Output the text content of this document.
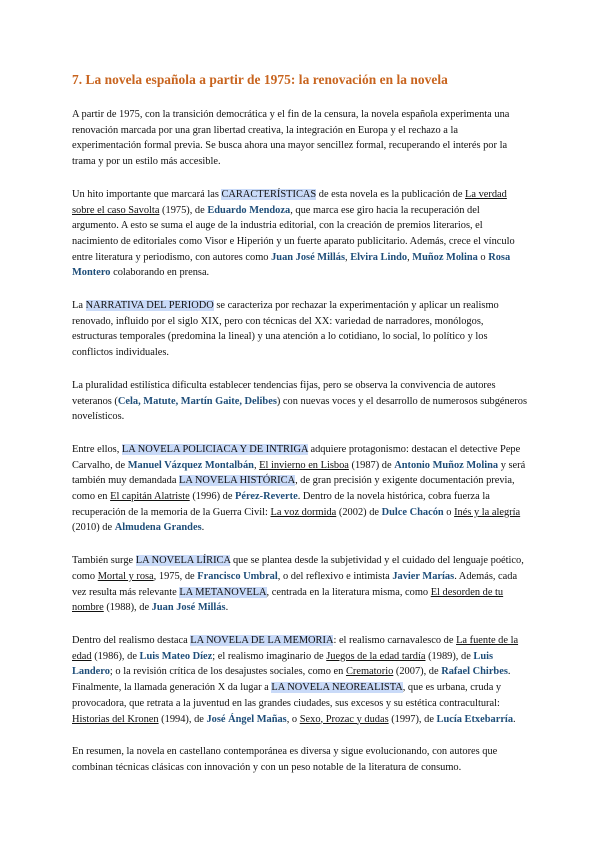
7. La novela española a partir de 1975: la renovación en la novela

A partir de 1975, con la transición democrática y el fin de la censura, la novela española experimenta una renovación marcada por una gran libertad creativa, la integración en Europa y el rechazo a la experimentación formal previa. Se busca ahora una mayor sencillez formal, recuperando el interés por la trama y por un estilo más accesible.

Un hito importante que marcará las CARACTERÍSTICAS de esta novela es la publicación de La verdad sobre el caso Savolta (1975), de Eduardo Mendoza, que marca ese giro hacia la recuperación del argumento. A esto se suma el auge de la industria editorial, con la creación de premios literarios, el nacimiento de editoriales como Visor e Hiperión y un fuerte aparato publicitario. Además, crece el vínculo entre literatura y periodismo, con autores como Juan José Millás, Elvira Lindo, Muñoz Molina o Rosa Montero colaborando en prensa.

La NARRATIVA DEL PERIODO se caracteriza por rechazar la experimentación y aplicar un realismo renovado, influido por el siglo XIX, pero con técnicas del XX: variedad de narradores, monólogos, estructuras temporales (predomina la lineal) y una atención a lo cotidiano, lo social, lo político y los conflictos individuales.

La pluralidad estilística dificulta establecer tendencias fijas, pero se observa la convivencia de autores veteranos (Cela, Matute, Martín Gaite, Delibes) con nuevas voces y el desarrollo de numerosos subgéneros novelísticos.

Entre ellos, LA NOVELA POLICIACA Y DE INTRIGA adquiere protagonismo: destacan el detective Pepe Carvalho, de Manuel Vázquez Montalbán, El invierno en Lisboa (1987) de Antonio Muñoz Molina y será también muy demandada LA NOVELA HISTÓRICA, de gran precisión y exigente documentación previa, como en El capitán Alatriste (1996) de Pérez-Reverte. Dentro de la novela histórica, cobra fuerza la recuperación de la memoria de la Guerra Civil: La voz dormida (2002) de Dulce Chacón o Inés y la alegría (2010) de Almudena Grandes.

También surge LA NOVELA LÍRICA que se plantea desde la subjetividad y el cuidado del lenguaje poético, como Mortal y rosa, 1975, de Francisco Umbral, o del reflexivo e intimista Javier Marías. Además, cada vez resulta más relevante LA METANOVELA, centrada en la literatura misma, como El desorden de tu nombre (1988), de Juan José Millás.

Dentro del realismo destaca LA NOVELA DE LA MEMORIA: el realismo carnavalesco de La fuente de la edad (1986), de Luis Mateo Díez; el realismo imaginario de Juegos de la edad tardía (1989), de Luis Landero; o la revisión crítica de los desajustes sociales, como en Crematorio (2007), de Rafael Chirbes. Finalmente, la llamada generación X da lugar a LA NOVELA NEOREALISTA, que es urbana, cruda y provocadora, que retrata a la juventud en las grandes ciudades, sus excesos y su estética contracultural: Historias del Kronen (1994), de José Ángel Mañas, o Sexo, Prozac y dudas (1997), de Lucía Etxebarría.

En resumen, la novela en castellano contemporánea es diversa y sigue evolucionando, con autores que combinan técnicas clásicas con innovación y con un peso notable de la literatura de consumo.
